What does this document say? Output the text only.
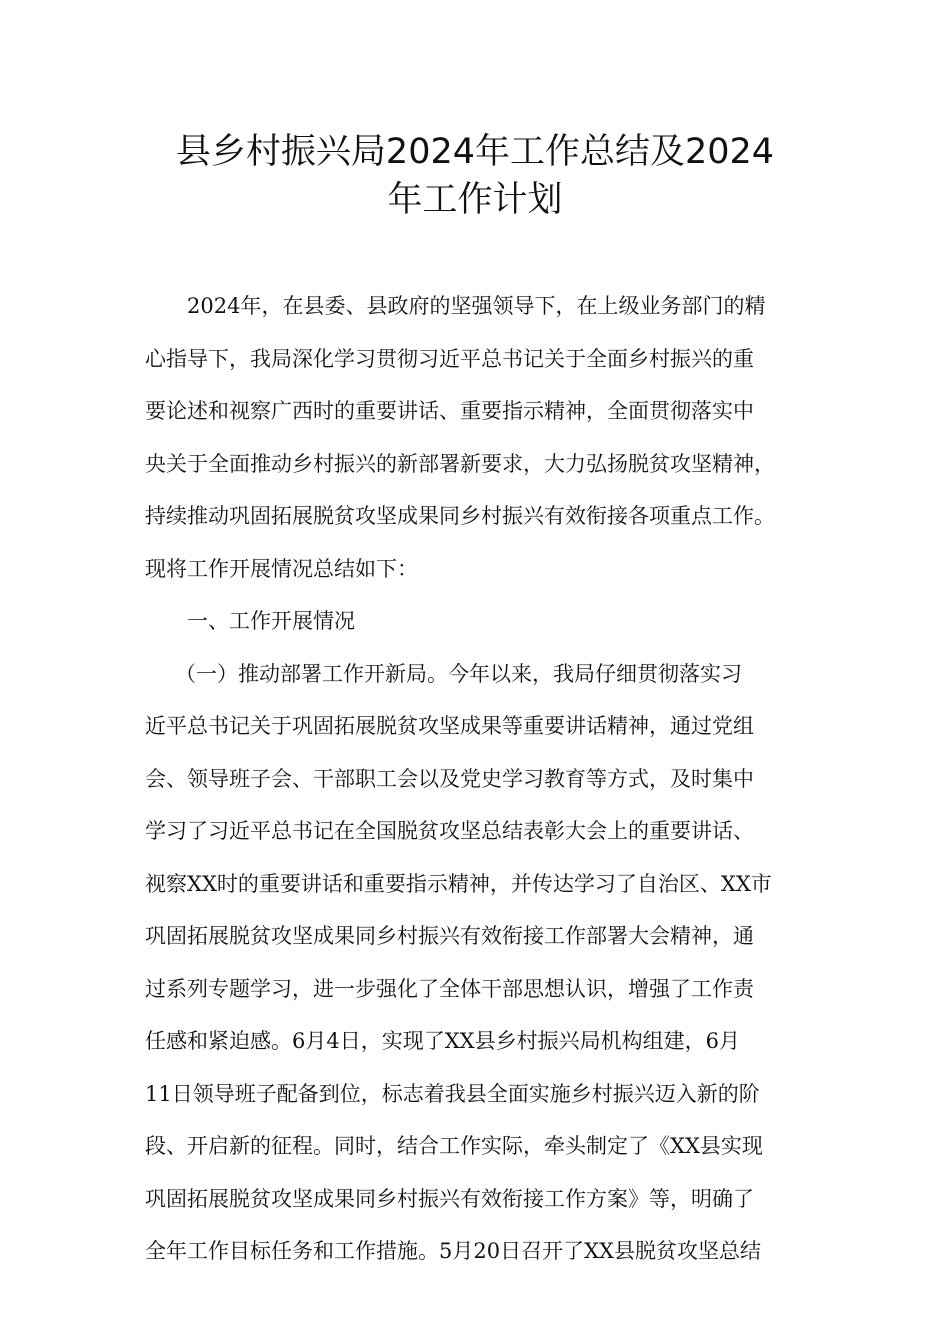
县乡村振兴局2024年工作总结及2024
年工作计划
2024年，在县委、县政府的坚强领导下，在上级业务部门的精
心指导下，我局深化学习贯彻习近平总书记关于全面乡村振兴的重
要论述和视察广西时的重要讲话、重要指示精神，全面贯彻落实中
央关于全面推动乡村振兴的新部署新要求，大力弘扬脱贫攻坚精神，
持续推动巩固拓展脱贫攻坚成果同乡村振兴有效衔接各项重点工作。
现将工作开展情况总结如下：
一、工作开展情况
（一）推动部署工作开新局。今年以来，我局仔细贯彻落实习
近平总书记关于巩固拓展脱贫攻坚成果等重要讲话精神，通过党组
会、领导班子会、干部职工会以及党史学习教育等方式，及时集中
学习了习近平总书记在全国脱贫攻坚总结表彰大会上的重要讲话、
视察XX时的重要讲话和重要指示精神，并传达学习了自治区、XX市
巩固拓展脱贫攻坚成果同乡村振兴有效衔接工作部署大会精神，通
过系列专题学习，进一步强化了全体干部思想认识，增强了工作责
任感和紧迫感。6月4日，实现了XX县乡村振兴局机构组建，6月
11日领导班子配备到位，标志着我县全面实施乡村振兴迈入新的阶
段、开启新的征程。同时，结合工作实际，牵头制定了《XX县实现
巩固拓展脱贫攻坚成果同乡村振兴有效衔接工作方案》等，明确了
全年工作目标任务和工作措施。5月20日召开了XX县脱贫攻坚总结
